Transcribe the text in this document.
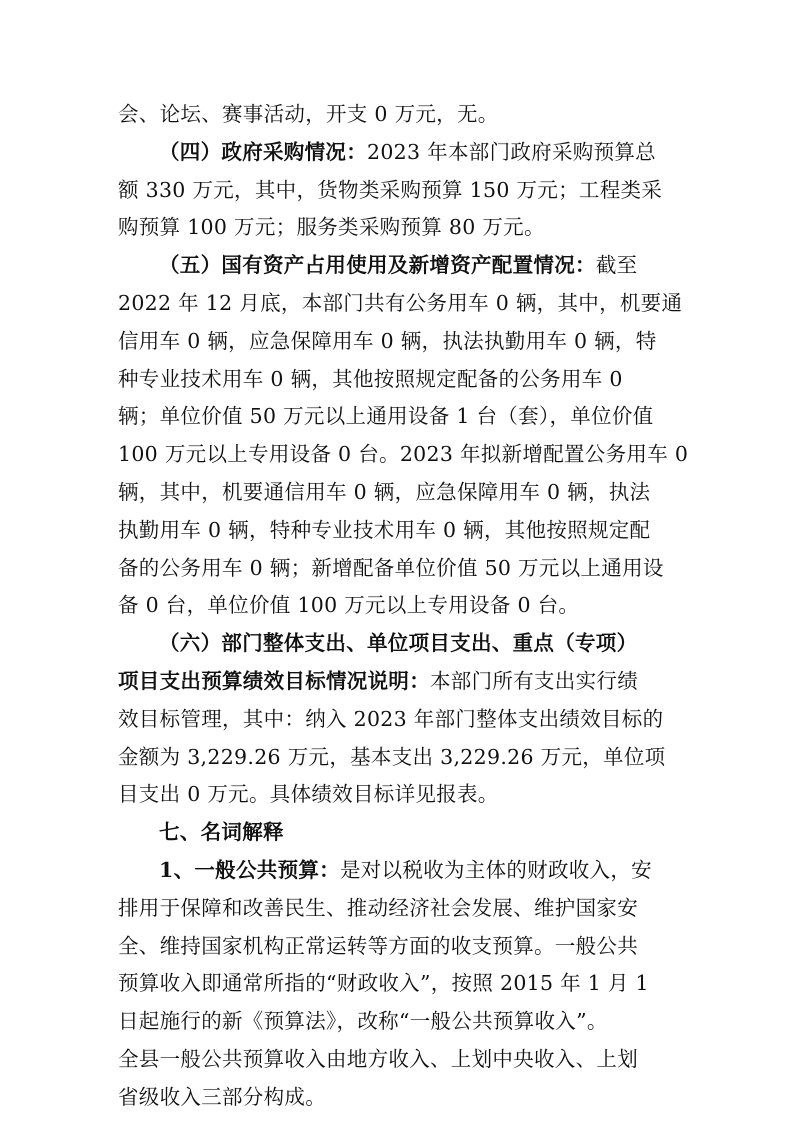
会、论坛、赛事活动，开支 0 万元，无。
（四）政府采购情况：2023 年本部门政府采购预算总
额 330 万元，其中，货物类采购预算 150 万元；工程类采
购预算 100 万元；服务类采购预算 80 万元。
（五）国有资产占用使用及新增资产配置情况：截至
2022 年 12 月底，本部门共有公务用车 0 辆，其中，机要通
信用车 0 辆，应急保障用车 0 辆，执法执勤用车 0 辆，特
种专业技术用车 0 辆，其他按照规定配备的公务用车 0
辆；单位价值 50 万元以上通用设备 1 台（套），单位价值
100 万元以上专用设备 0 台。2023 年拟新增配置公务用车 0
辆，其中，机要通信用车 0 辆，应急保障用车 0 辆，执法
执勤用车 0 辆，特种专业技术用车 0 辆，其他按照规定配
备的公务用车 0 辆；新增配备单位价值 50 万元以上通用设
备 0 台，单位价值 100 万元以上专用设备 0 台。
（六）部门整体支出、单位项目支出、重点（专项）
项目支出预算绩效目标情况说明：本部门所有支出实行绩
效目标管理，其中：纳入 2023 年部门整体支出绩效目标的
金额为 3,229.26 万元，基本支出 3,229.26 万元，单位项
目支出 0 万元。具体绩效目标详见报表。
七、名词解释
1、一般公共预算：是对以税收为主体的财政收入，安
排用于保障和改善民生、推动经济社会发展、维护国家安
全、维持国家机构正常运转等方面的收支预算。一般公共
预算收入即通常所指的“财政收入”，按照 2015 年 1 月 1
日起施行的新《预算法》，改称“一般公共预算收入”。
全县一般公共预算收入由地方收入、上划中央收入、上划
省级收入三部分构成。
